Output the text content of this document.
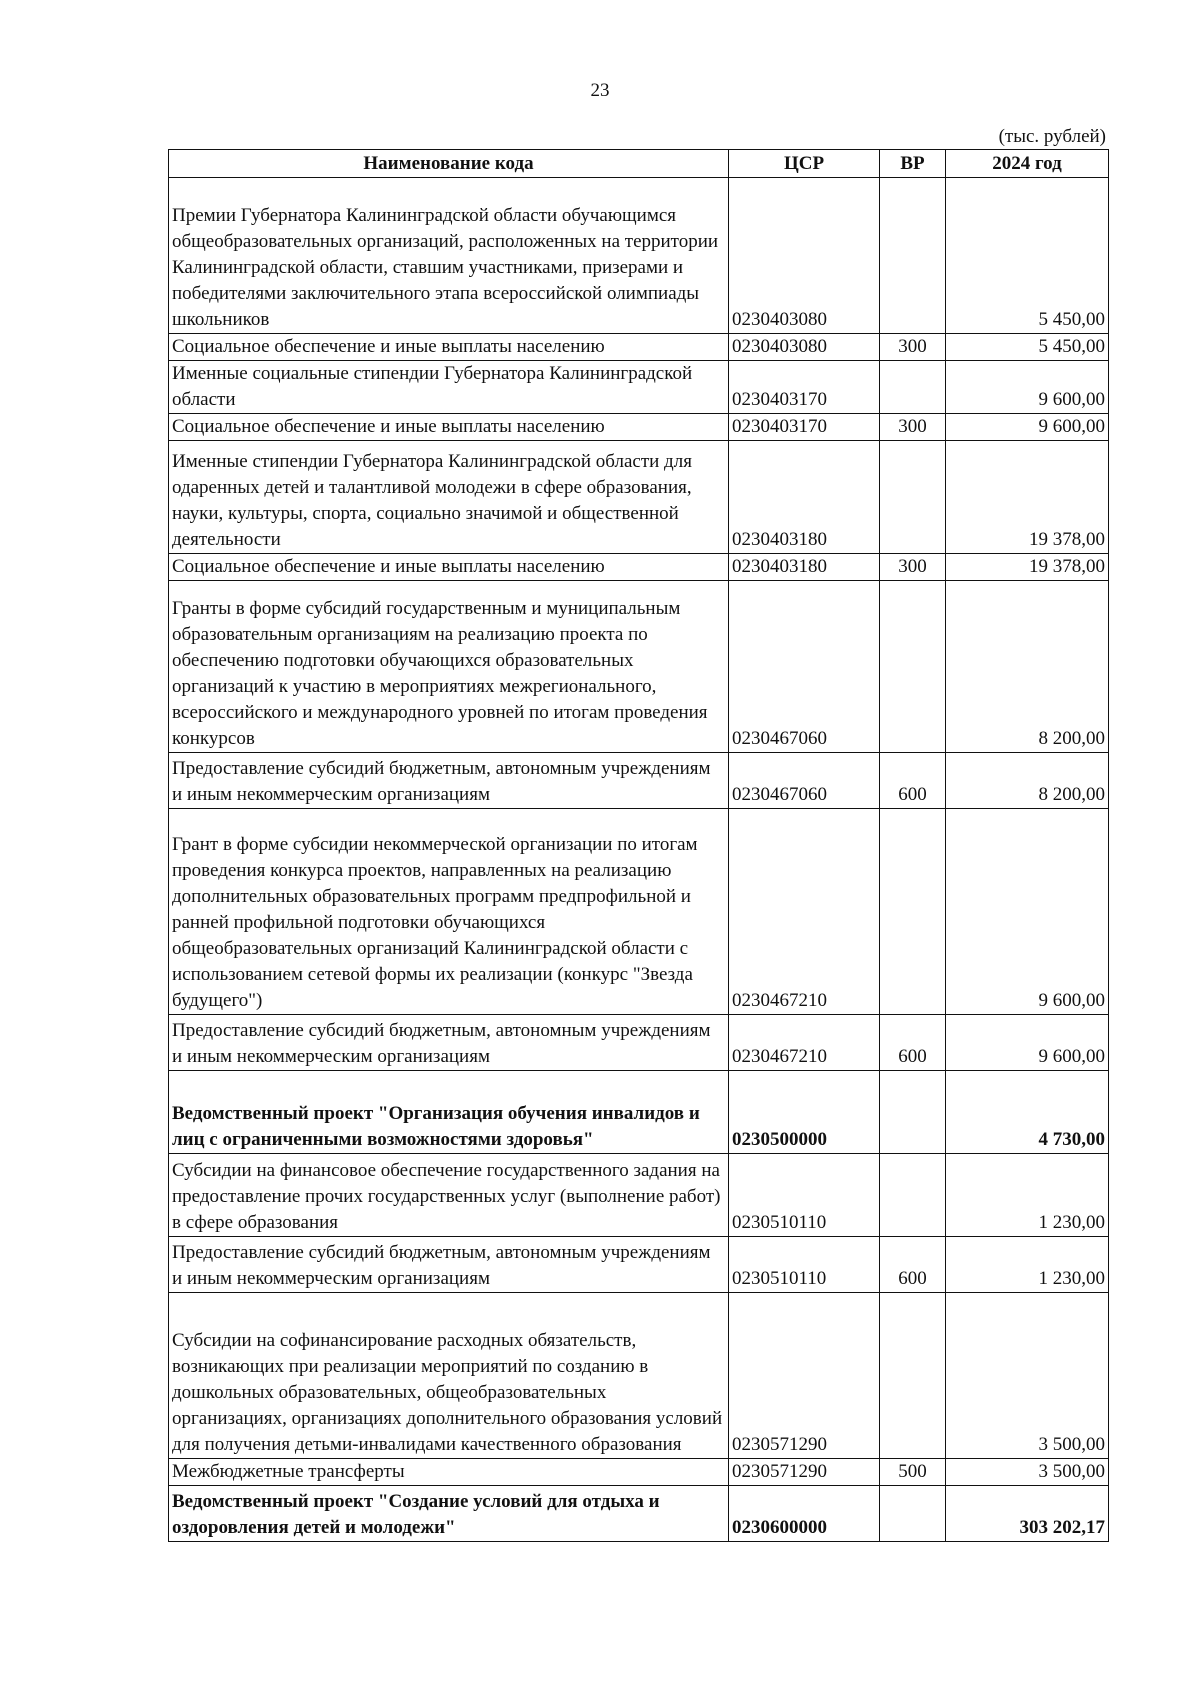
23
(тыс. рублей)
Наименование кода	ЦСР	ВР	2024 год
Премии Губернатора Калининградской области обучающимся общеобразовательных организаций, расположенных на территории Калининградской области, ставшим участниками, призерами и победителями заключительного этапа всероссийской олимпиады школьников	0230403080		5 450,00
Социальное обеспечение и иные выплаты населению	0230403080	300	5 450,00
Именные социальные стипендии Губернатора Калининградской области	0230403170		9 600,00
Социальное обеспечение и иные выплаты населению	0230403170	300	9 600,00
Именные стипендии Губернатора Калининградской области для одаренных детей и талантливой молодежи в сфере образования, науки, культуры, спорта, социально значимой и общественной деятельности	0230403180		19 378,00
Социальное обеспечение и иные выплаты населению	0230403180	300	19 378,00
Гранты в форме субсидий государственным и муниципальным образовательным организациям на реализацию проекта по обеспечению подготовки обучающихся образовательных организаций к участию в мероприятиях межрегионального, всероссийского и международного уровней по итогам проведения конкурсов	0230467060		8 200,00
Предоставление субсидий бюджетным, автономным учреждениям и иным некоммерческим организациям	0230467060	600	8 200,00
Грант в форме субсидии некоммерческой организации по итогам проведения конкурса проектов, направленных на реализацию дополнительных образовательных программ предпрофильной и ранней профильной подготовки обучающихся общеобразовательных организаций Калининградской области с использованием сетевой формы их реализации (конкурс "Звезда будущего")	0230467210		9 600,00
Предоставление субсидий бюджетным, автономным учреждениям и иным некоммерческим организациям	0230467210	600	9 600,00
Ведомственный проект "Организация обучения инвалидов и лиц с ограниченными возможностями здоровья"	0230500000		4 730,00
Субсидии на финансовое обеспечение государственного задания на предоставление прочих государственных услуг (выполнение работ) в сфере образования	0230510110		1 230,00
Предоставление субсидий бюджетным, автономным учреждениям и иным некоммерческим организациям	0230510110	600	1 230,00
Субсидии на софинансирование расходных обязательств, возникающих при реализации мероприятий по созданию в дошкольных образовательных, общеобразовательных организациях, организациях дополнительного образования условий для получения детьми-инвалидами качественного образования	0230571290		3 500,00
Межбюджетные трансферты	0230571290	500	3 500,00
Ведомственный проект "Создание условий для отдыха и оздоровления детей и молодежи"	0230600000		303 202,17
